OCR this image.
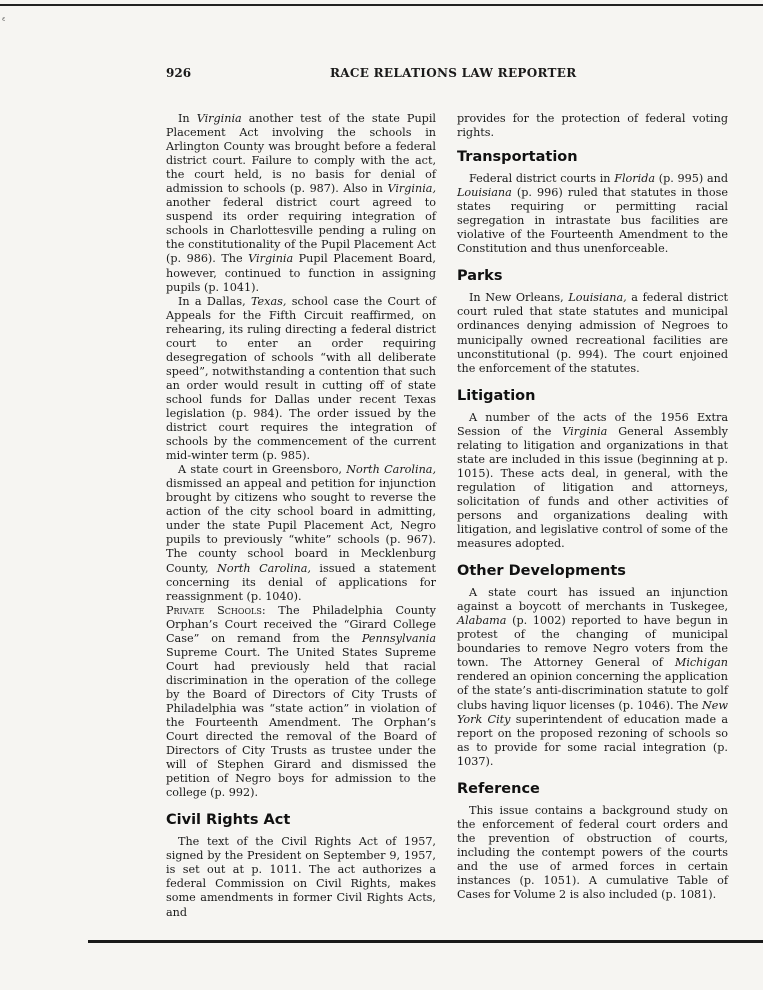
ᵋ
926	RACE RELATIONS LAW REPORTER

In Virginia another test of the state Pupil Placement Act involving the schools in Arlington County was brought before a federal district court. Failure to comply with the act, the court held, is no basis for denial of admission to schools (p. 987). Also in Virginia, another federal district court agreed to suspend its order requiring integration of schools in Charlottesville pending a ruling on the constitutionality of the Pupil Placement Act (p. 986). The Virginia Pupil Placement Board, however, continued to function in assigning pupils (p. 1041).

In a Dallas, Texas, school case the Court of Appeals for the Fifth Circuit reaffirmed, on rehearing, its ruling directing a federal district court to enter an order requiring desegregation of schools “with all deliberate speed”, notwithstanding a contention that such an order would result in cutting off of state school funds for Dallas under recent Texas legislation (p. 984). The order issued by the district court requires the integration of schools by the commencement of the current mid-winter term (p. 985).

A state court in Greensboro, North Carolina, dismissed an appeal and petition for injunction brought by citizens who sought to reverse the action of the city school board in admitting, under the state Pupil Placement Act, Negro pupils to previously “white” schools (p. 967). The county school board in Mecklenburg County, North Carolina, issued a statement concerning its denial of applications for reassignment (p. 1040).

Private Schools: The Philadelphia County Orphan’s Court received the “Girard College Case” on remand from the Pennsylvania Supreme Court. The United States Supreme Court had previously held that racial discrimination in the operation of the college by the Board of Directors of City Trusts of Philadelphia was “state action” in violation of the Fourteenth Amendment. The Orphan’s Court directed the removal of the Board of Directors of City Trusts as trustee under the will of Stephen Girard and dismissed the petition of Negro boys for admission to the college (p. 992).

Civil Rights Act

The text of the Civil Rights Act of 1957, signed by the President on September 9, 1957, is set out at p. 1011. The act authorizes a federal Commission on Civil Rights, makes some amendments in former Civil Rights Acts, and

provides for the protection of federal voting rights.

Transportation

Federal district courts in Florida (p. 995) and Louisiana (p. 996) ruled that statutes in those states requiring or permitting racial segregation in intrastate bus facilities are violative of the Fourteenth Amendment to the Constitution and thus unenforceable.

Parks

In New Orleans, Louisiana, a federal district court ruled that state statutes and municipal ordinances denying admission of Negroes to municipally owned recreational facilities are unconstitutional (p. 994). The court enjoined the enforcement of the statutes.

Litigation

A number of the acts of the 1956 Extra Session of the Virginia General Assembly relating to litigation and organizations in that state are included in this issue (beginning at p. 1015). These acts deal, in general, with the regulation of litigation and attorneys, solicitation of funds and other activities of persons and organizations dealing with litigation, and legislative control of some of the measures adopted.

Other Developments

A state court has issued an injunction against a boycott of merchants in Tuskegee, Alabama (p. 1002) reported to have begun in protest of the changing of municipal boundaries to remove Negro voters from the town. The Attorney General of Michigan rendered an opinion concerning the application of the state’s anti-discrimination statute to golf clubs having liquor licenses (p. 1046). The New York City superintendent of education made a report on the proposed rezoning of schools so as to provide for some racial integration (p. 1037).

Reference

This issue contains a background study on the enforcement of federal court orders and the prevention of obstruction of courts, including the contempt powers of the courts and the use of armed forces in certain instances (p. 1051). A cumulative Table of Cases for Volume 2 is also included (p. 1081).
